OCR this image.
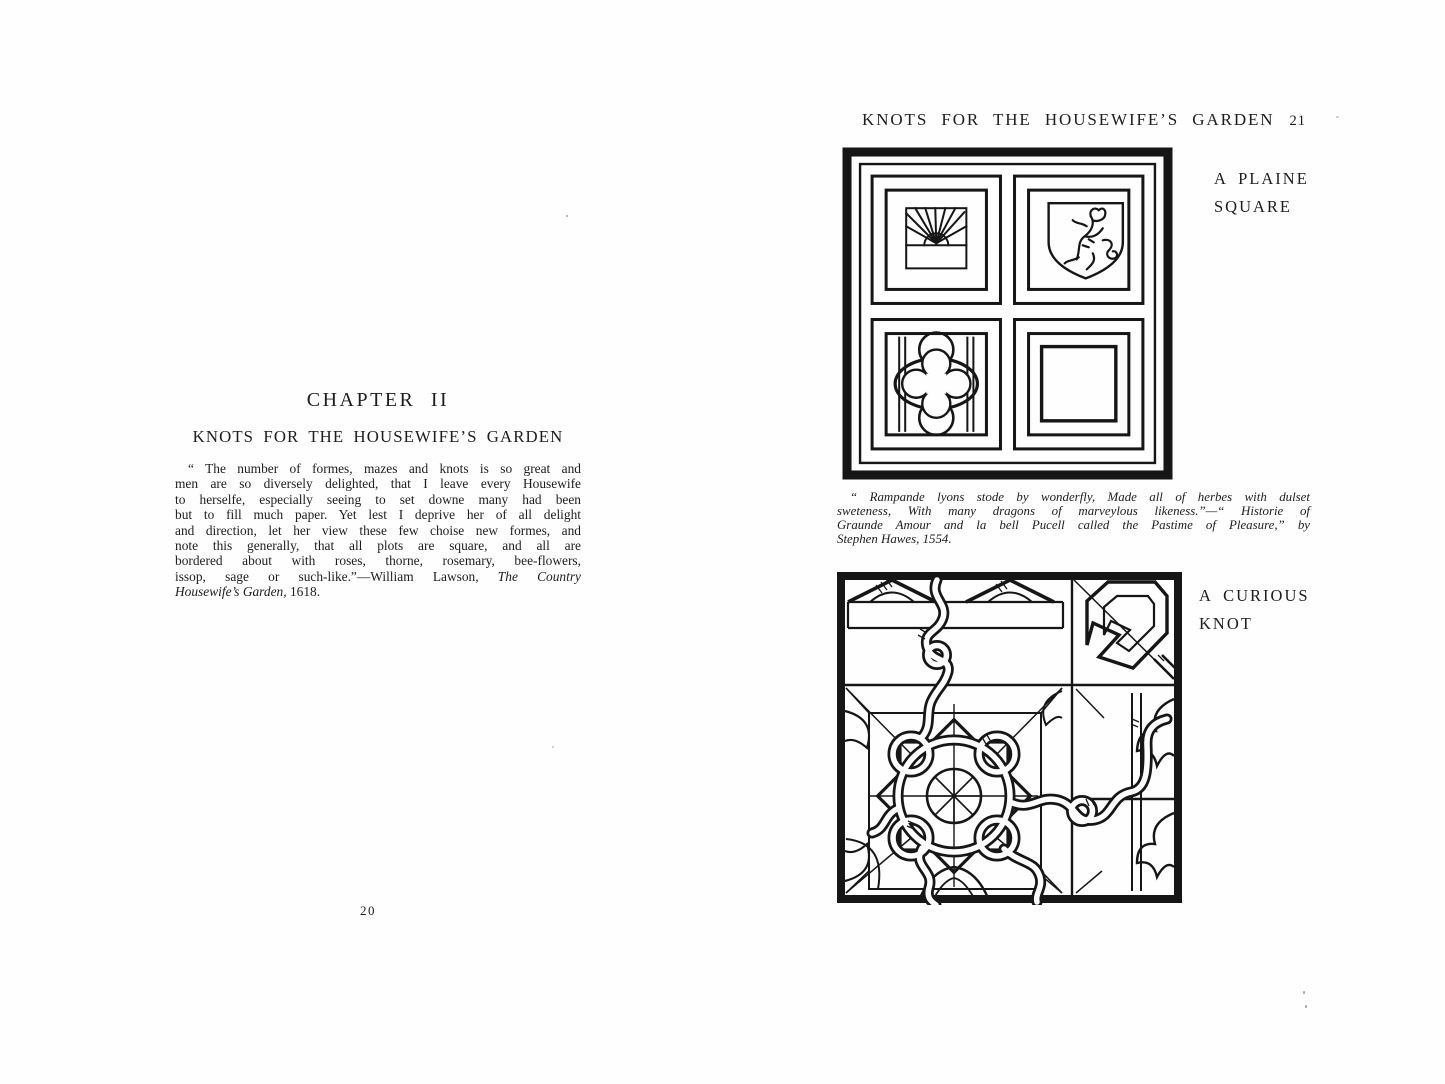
CHAPTER II
KNOTS FOR THE HOUSEWIFE’S GARDEN
“ The number of formes, mazes and knots is so great and
men are so diversely delighted, that I leave every Housewife
to herselfe, especially seeing to set downe many had been
but to fill much paper. Yet lest I deprive her of all delight
and direction, let her view these few choise new formes, and
note this generally, that all plots are square, and all are
bordered about with roses, thorne, rosemary, bee-flowers,
issop, sage or such-like.”—William Lawson, The Country
Housewife’s Garden, 1618.
20
KNOTS FOR THE HOUSEWIFE’S GARDEN 21
A PLAINE
SQUARE
“ Rampande lyons stode by wonderfly, Made all of herbes with dulset
sweteness, With many dragons of marveylous likeness.”—“ Historie of
Graunde Amour and la bell Pucell called the Pastime of Pleasure,” by
Stephen Hawes, 1554.
A CURIOUS
KNOT
